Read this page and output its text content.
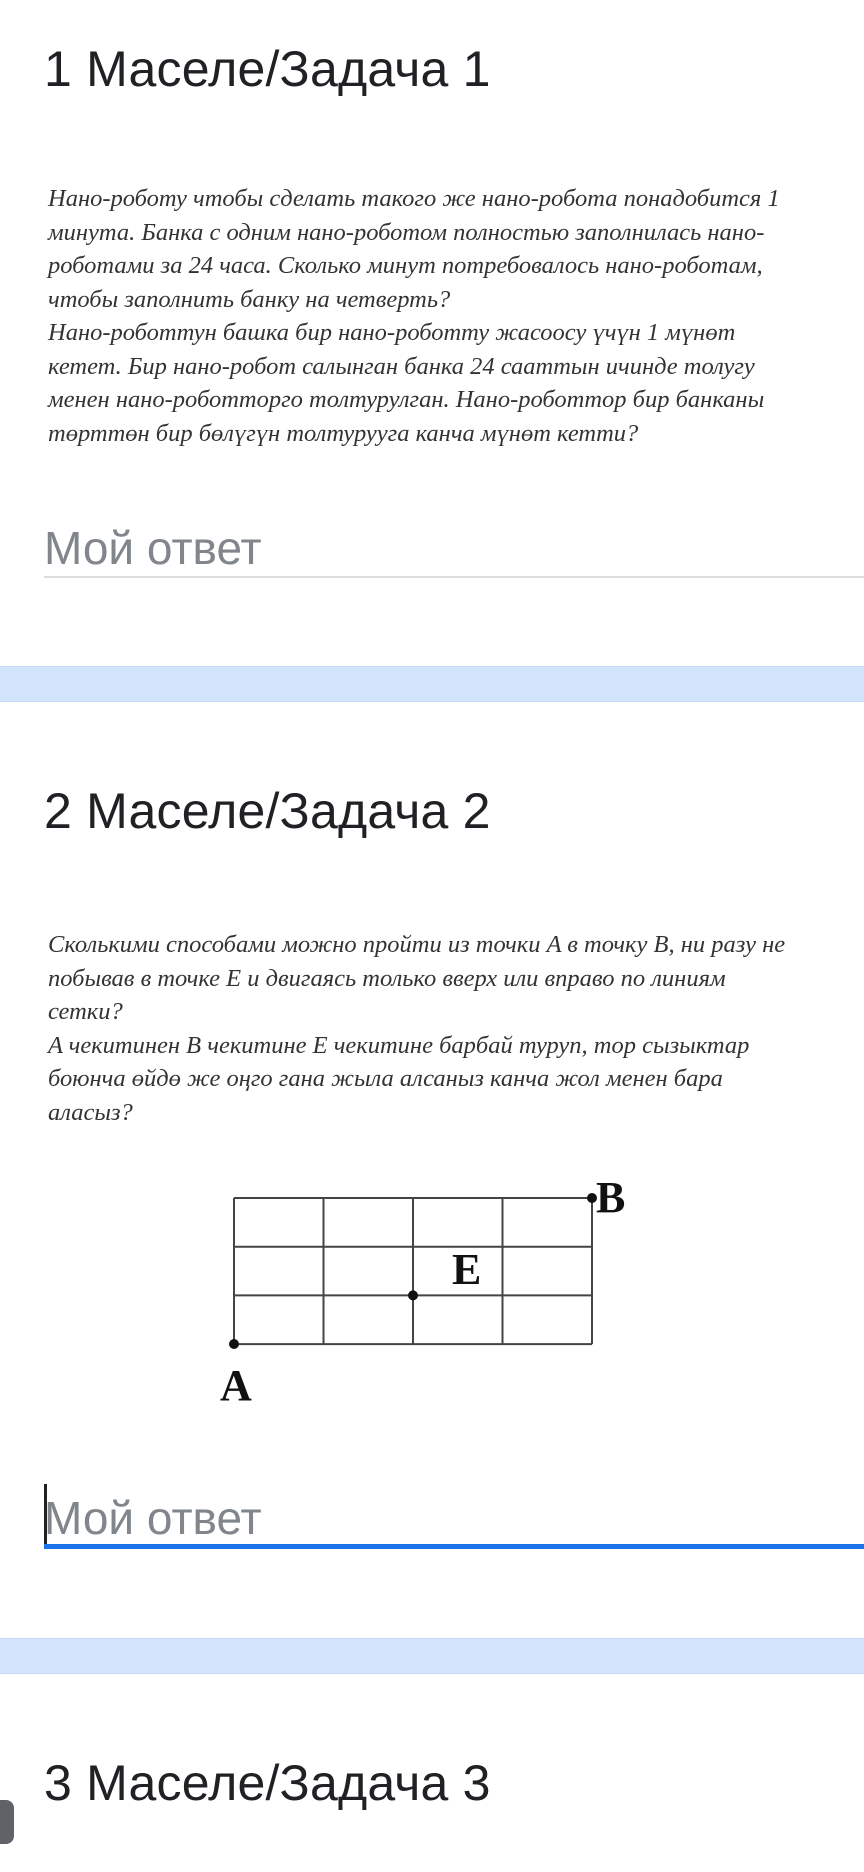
1 Маселе/Задача 1
Нано-роботу чтобы сделать такого же нано-робота понадобится 1
минута. Банка с одним нано-роботом полностью заполнилась нано-
роботами за 24 часа. Сколько минут потребовалось нано-роботам,
чтобы заполнить банку на четверть?
Нано-роботтун башка бир нано-роботту жасоосу үчүн 1 мүнөт
кетет. Бир нано-робот салынган банка 24 сааттын ичинде толугу
менен нано-роботторго толтурулган. Нано-роботтор бир банканы
төрттөн бир бөлүгүн толтурууга канча мүнөт кетти?
Мой ответ
2 Маселе/Задача 2
Сколькими способами можно пройти из точки A в точку B, ни разу не
побывав в точке E и двигаясь только вверх или вправо по линиям
сетки?
A чекитинен B чекитине E чекитине барбай туруп, тор сызыктар
боюнча өйдө же оңго гана жыла алсаныз канча жол менен бара
аласыз?
A
B
E
Мой ответ
3 Маселе/Задача 3
